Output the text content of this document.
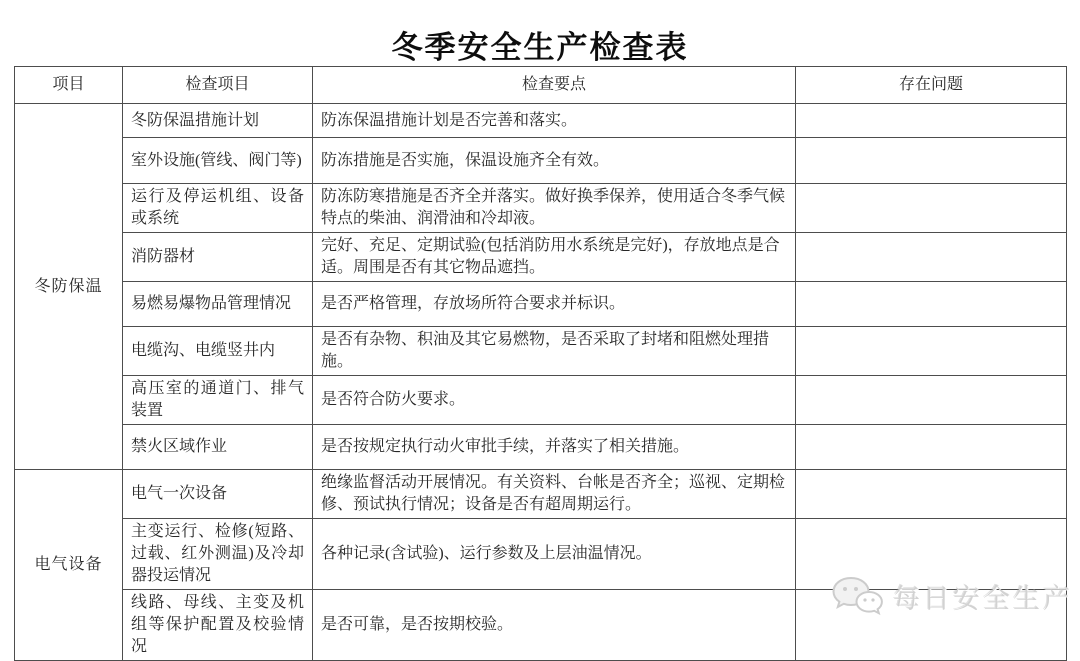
冬季安全生产检查表
项目	检查项目	检查要点	存在问题
冬防保温	冬防保温措施计划	防冻保温措施计划是否完善和落实。	
	室外设施(管线、阀门等)	防冻措施是否实施，保温设施齐全有效。	
	运行及停运机组、设备或系统	防冻防寒措施是否齐全并落实。做好换季保养，使用适合冬季气候特点的柴油、润滑油和冷却液。	
	消防器材	完好、充足、定期试验(包括消防用水系统是完好)，存放地点是合适。周围是否有其它物品遮挡。	
	易燃易爆物品管理情况	是否严格管理，存放场所符合要求并标识。	
	电缆沟、电缆竖井内	是否有杂物、积油及其它易燃物，是否采取了封堵和阻燃处理措施。	
	高压室的通道门、排气装置	是否符合防火要求。	
	禁火区域作业	是否按规定执行动火审批手续，并落实了相关措施。	
电气设备	电气一次设备	绝缘监督活动开展情况。有关资料、台帐是否齐全；巡视、定期检修、预试执行情况；设备是否有超周期运行。	
	主变运行、检修(短路、过载、红外测温)及冷却器投运情况	各种记录(含试验)、运行参数及上层油温情况。	
	线路、母线、主变及机组等保护配置及校验情况	是否可靠，是否按期校验。	
每日安全生产
